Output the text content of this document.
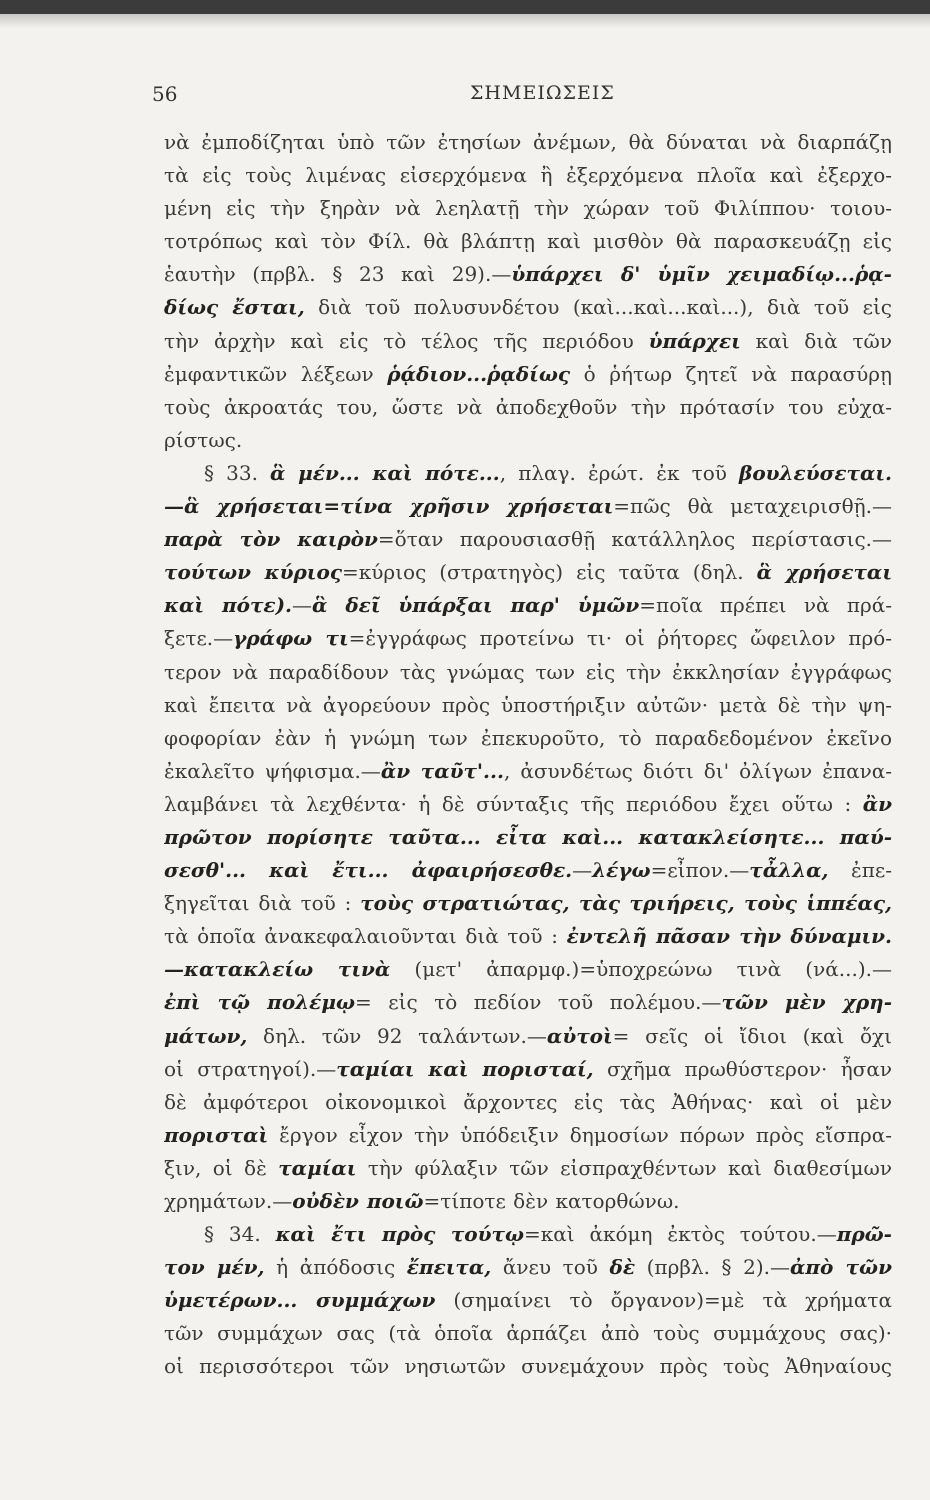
56	ΣΗΜΕΙΩΣΕΙΣ
νὰ ἐμποδίζηται ὑπὸ τῶν ἐτησίων ἀνέμων, θὰ δύναται νὰ διαρπάζῃ
τὰ εἰς τοὺς λιμένας εἰσερχόμενα ἢ ἐξερχόμενα πλοῖα καὶ ἐξερχο-
μένη εἰς τὴν ξηρὰν νὰ λεηλατῇ τὴν χώραν τοῦ Φιλίππου· τοιου-
τοτρόπως καὶ τὸν Φίλ. θὰ βλάπτῃ καὶ μισθὸν θὰ παρασκευάζῃ εἰς
ἑαυτὴν (πρβλ. § 23 καὶ 29).—ὑπάρχει δ' ὑμῖν χειμαδίῳ...ῥᾳ-
δίως ἔσται, διὰ τοῦ πολυσυνδέτου (καὶ...καὶ...καὶ...), διὰ τοῦ εἰς
τὴν ἀρχὴν καὶ εἰς τὸ τέλος τῆς περιόδου ὑπάρχει καὶ διὰ τῶν
ἐμφαντικῶν λέξεων ῥᾴδιον...ῥᾳδίως ὁ ῥήτωρ ζητεῖ νὰ παρασύρῃ
τοὺς ἀκροατάς του, ὥστε νὰ ἀποδεχθοῦν τὴν πρότασίν του εὐχα-
ρίστως.
§ 33. ἃ μέν... καὶ πότε..., πλαγ. ἐρώτ. ἐκ τοῦ βουλεύσεται.
—ἃ χρήσεται=τίνα χρῆσιν χρήσεται=πῶς θὰ μεταχειρισθῇ.—
παρὰ τὸν καιρὸν=ὅταν παρουσιασθῇ κατάλληλος περίστασις.—
τούτων κύριος=κύριος (στρατηγὸς) εἰς ταῦτα (δηλ. ἃ χρήσεται
καὶ πότε).—ἃ δεῖ ὑπάρξαι παρ' ὑμῶν=ποῖα πρέπει νὰ πρά-
ξετε.—γράφω τι=ἐγγράφως προτείνω τι· οἱ ῥήτορες ὤφειλον πρό-
τερον νὰ παραδίδουν τὰς γνώμας των εἰς τὴν ἐκκλησίαν ἐγγράφως
καὶ ἔπειτα νὰ ἀγορεύουν πρὸς ὑποστήριξιν αὐτῶν· μετὰ δὲ τὴν ψη-
φοφορίαν ἐὰν ἡ γνώμη των ἐπεκυροῦτο, τὸ παραδεδομένον ἐκεῖνο
ἐκαλεῖτο ψήφισμα.—ἂν ταῦτ'..., ἀσυνδέτως διότι δι' ὀλίγων ἐπανα-
λαμβάνει τὰ λεχθέντα· ἡ δὲ σύνταξις τῆς περιόδου ἔχει οὕτω : ἂν
πρῶτον πορίσητε ταῦτα... εἶτα καὶ... κατακλείσητε... παύ-
σεσθ'... καὶ ἔτι... ἀφαιρήσεσθε.—λέγω=εἶπον.—τἆλλα, ἐπε-
ξηγεῖται διὰ τοῦ : τοὺς στρατιώτας, τὰς τριήρεις, τοὺς ἱππέας,
τὰ ὁποῖα ἀνακεφαλαιοῦνται διὰ τοῦ : ἐντελῆ πᾶσαν τὴν δύναμιν.
—κατακλείω τινὰ (μετ' ἀπαρμφ.)=ὑποχρεώνω τινὰ (νά...).—
ἐπὶ τῷ πολέμῳ= εἰς τὸ πεδίον τοῦ πολέμου.—τῶν μὲν χρη-
μάτων, δηλ. τῶν 92 ταλάντων.—αὐτοὶ= σεῖς οἱ ἴδιοι (καὶ ὄχι
οἱ στρατηγοί).—ταμίαι καὶ πορισταί, σχῆμα πρωθύστερον· ἦσαν
δὲ ἀμφότεροι οἰκονομικοὶ ἄρχοντες εἰς τὰς Ἀθήνας· καὶ οἱ μὲν
πορισταὶ ἔργον εἶχον τὴν ὑπόδειξιν δημοσίων πόρων πρὸς εἴσπρα-
ξιν, οἱ δὲ ταμίαι τὴν φύλαξιν τῶν εἰσπραχθέντων καὶ διαθεσίμων
χρημάτων.—οὐδὲν ποιῶ=τίποτε δὲν κατορθώνω.
§ 34. καὶ ἔτι πρὸς τούτῳ=καὶ ἀκόμη ἐκτὸς τούτου.—πρῶ-
τον μέν, ἡ ἀπόδοσις ἔπειτα, ἄνευ τοῦ δὲ (πρβλ. § 2).—ἀπὸ τῶν
ὑμετέρων... συμμάχων (σημαίνει τὸ ὄργανον)=μὲ τὰ χρήματα
τῶν συμμάχων σας (τὰ ὁποῖα ἁρπάζει ἀπὸ τοὺς συμμάχους σας)·
οἱ περισσότεροι τῶν νησιωτῶν συνεμάχουν πρὸς τοὺς Ἀθηναίους
